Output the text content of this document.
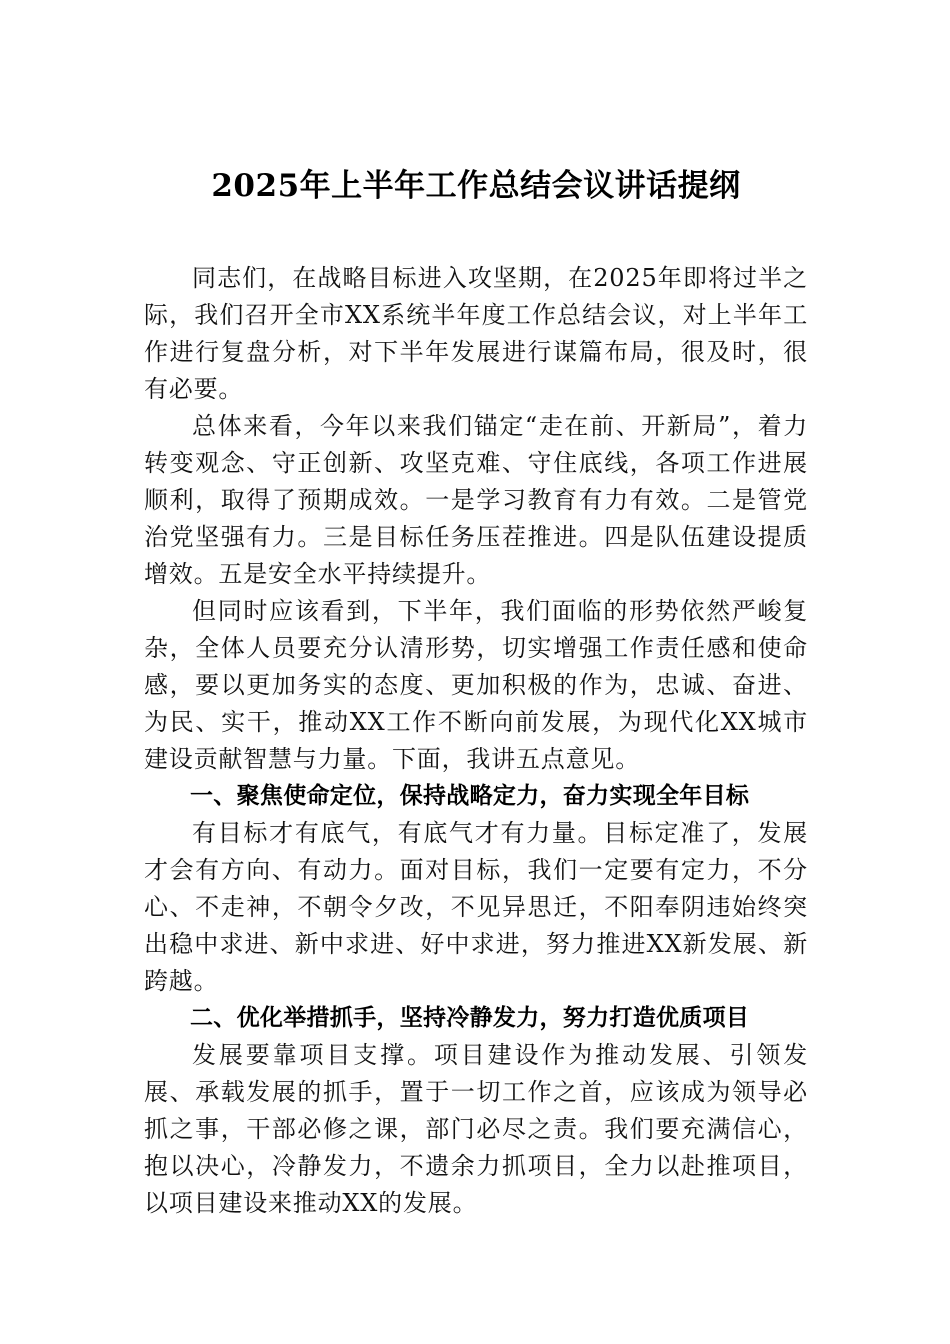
2025年上半年工作总结会议讲话提纲

同志们，在战略目标进入攻坚期，在2025年即将过半之际，我们召开全市XX系统半年度工作总结会议，对上半年工作进行复盘分析，对下半年发展进行谋篇布局，很及时，很有必要。

总体来看，今年以来我们锚定“走在前、开新局”，着力转变观念、守正创新、攻坚克难、守住底线，各项工作进展顺利，取得了预期成效。一是学习教育有力有效。二是管党治党坚强有力。三是目标任务压茬推进。四是队伍建设提质增效。五是安全水平持续提升。

但同时应该看到，下半年，我们面临的形势依然严峻复杂，全体人员要充分认清形势，切实增强工作责任感和使命感，要以更加务实的态度、更加积极的作为，忠诚、奋进、为民、实干，推动XX工作不断向前发展，为现代化XX城市建设贡献智慧与力量。下面，我讲五点意见。

一、聚焦使命定位，保持战略定力，奋力实现全年目标

有目标才有底气，有底气才有力量。目标定准了，发展才会有方向、有动力。面对目标，我们一定要有定力，不分心、不走神，不朝令夕改，不见异思迁，不阳奉阴违始终突出稳中求进、新中求进、好中求进，努力推进XX新发展、新跨越。

二、优化举措抓手，坚持冷静发力，努力打造优质项目

发展要靠项目支撑。项目建设作为推动发展、引领发展、承载发展的抓手，置于一切工作之首，应该成为领导必抓之事，干部必修之课，部门必尽之责。我们要充满信心，抱以决心，冷静发力，不遗余力抓项目，全力以赴推项目，以项目建设来推动XX的发展。
